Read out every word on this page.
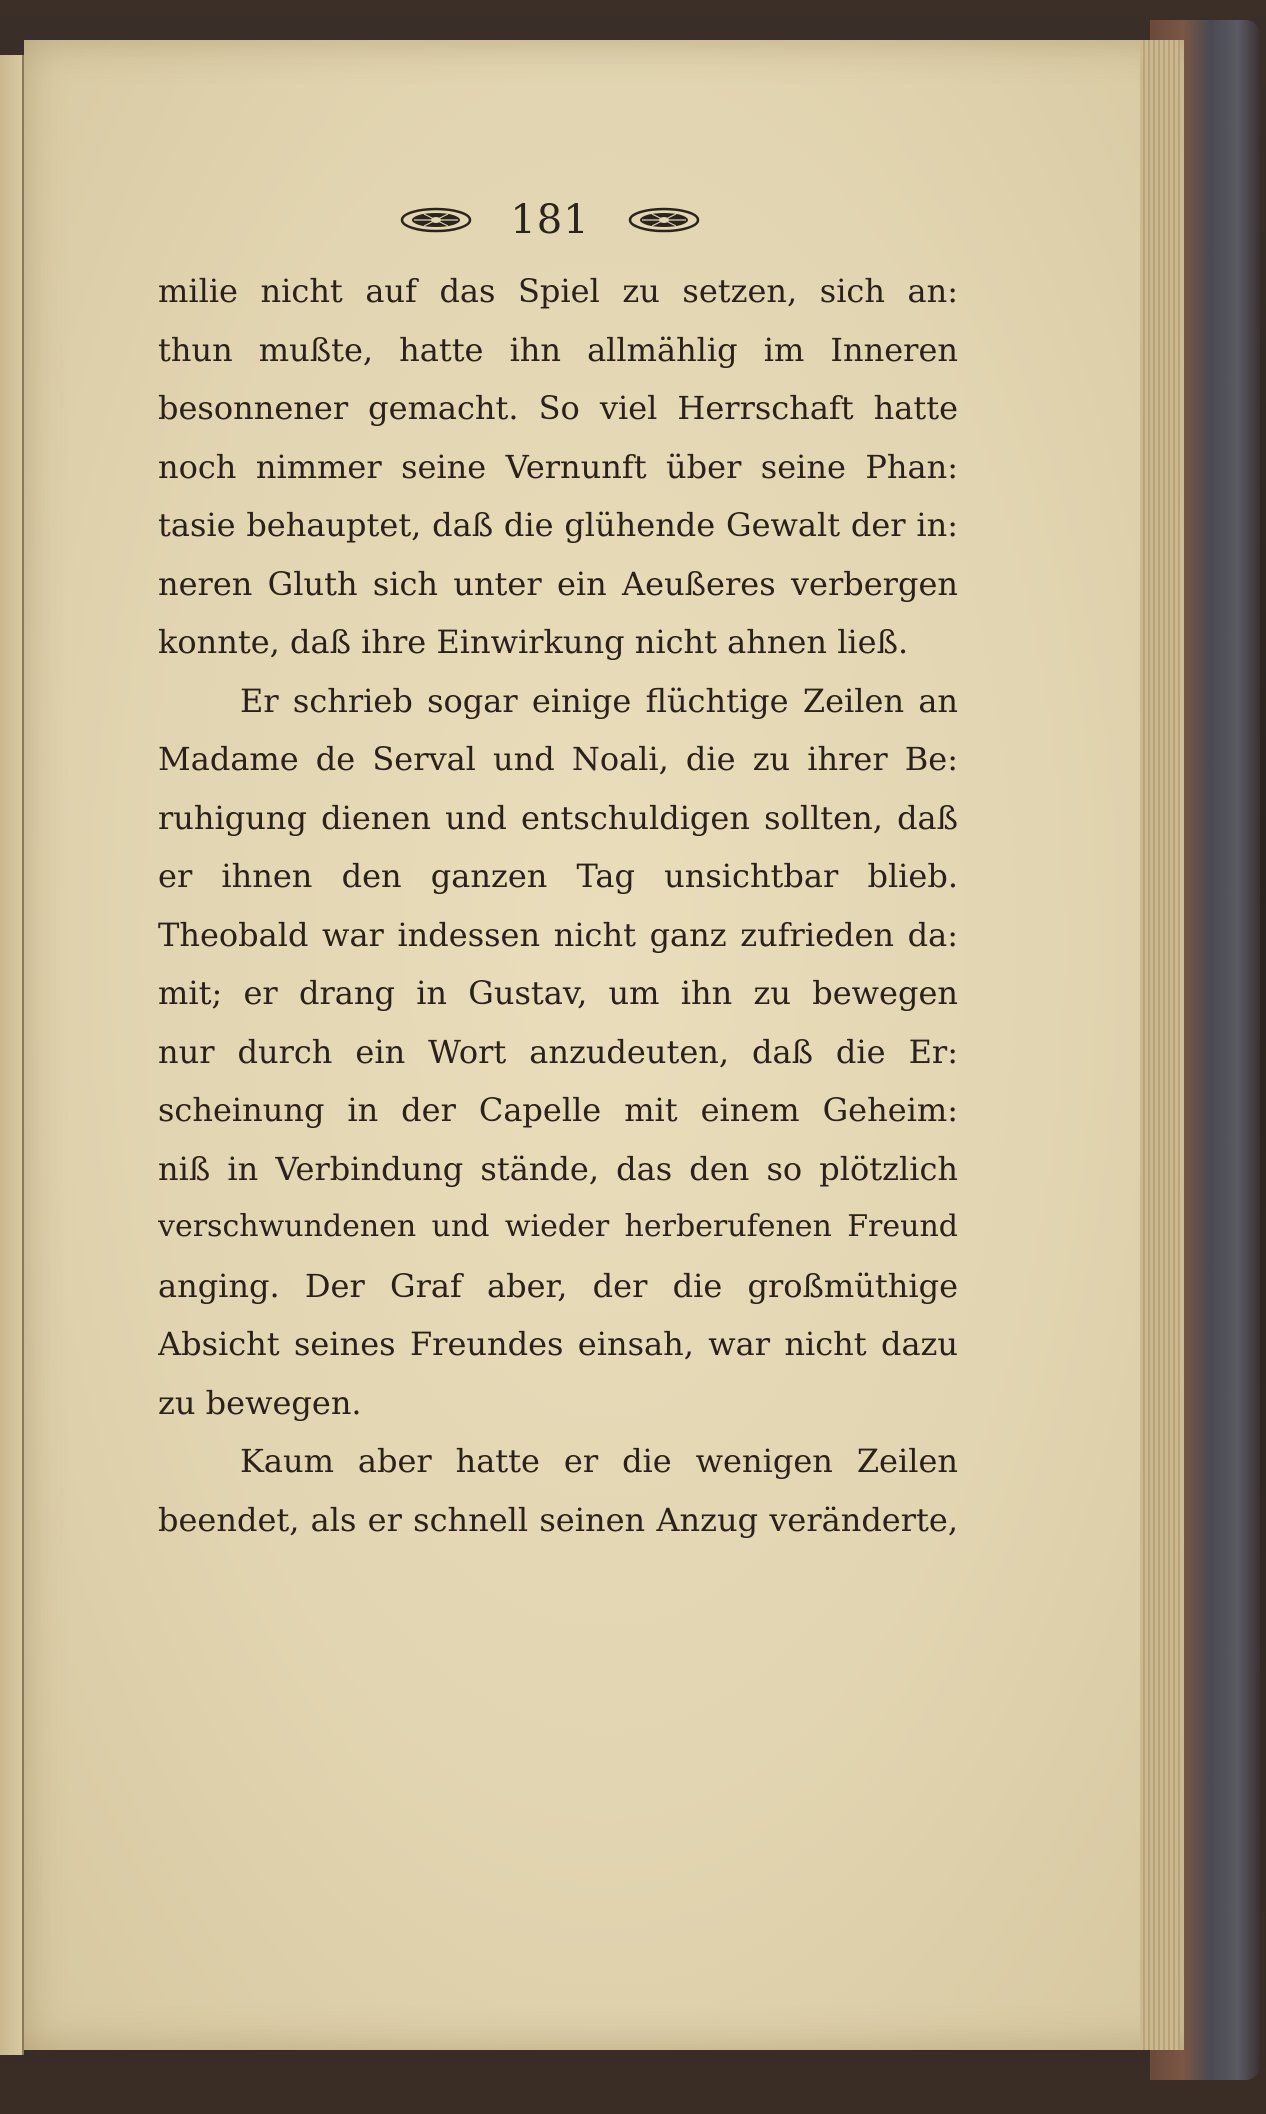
181
milie nicht auf das Spiel zu setzen, sich an:
thun mußte, hatte ihn allmählig im Inneren
besonnener gemacht. So viel Herrschaft hatte
noch nimmer seine Vernunft über seine Phan:
tasie behauptet, daß die glühende Gewalt der in:
neren Gluth sich unter ein Aeußeres verbergen
konnte, daß ihre Einwirkung nicht ahnen ließ.
Er schrieb sogar einige flüchtige Zeilen an
Madame de Serval und Noali, die zu ihrer Be:
ruhigung dienen und entschuldigen sollten, daß
er ihnen den ganzen Tag unsichtbar blieb.
Theobald war indessen nicht ganz zufrieden da:
mit; er drang in Gustav, um ihn zu bewegen
nur durch ein Wort anzudeuten, daß die Er:
scheinung in der Capelle mit einem Geheim:
niß in Verbindung stände, das den so plötzlich
verschwundenen und wieder herberufenen Freund
anging. Der Graf aber, der die großmüthige
Absicht seines Freundes einsah, war nicht dazu
zu bewegen.
Kaum aber hatte er die wenigen Zeilen
beendet, als er schnell seinen Anzug veränderte,
